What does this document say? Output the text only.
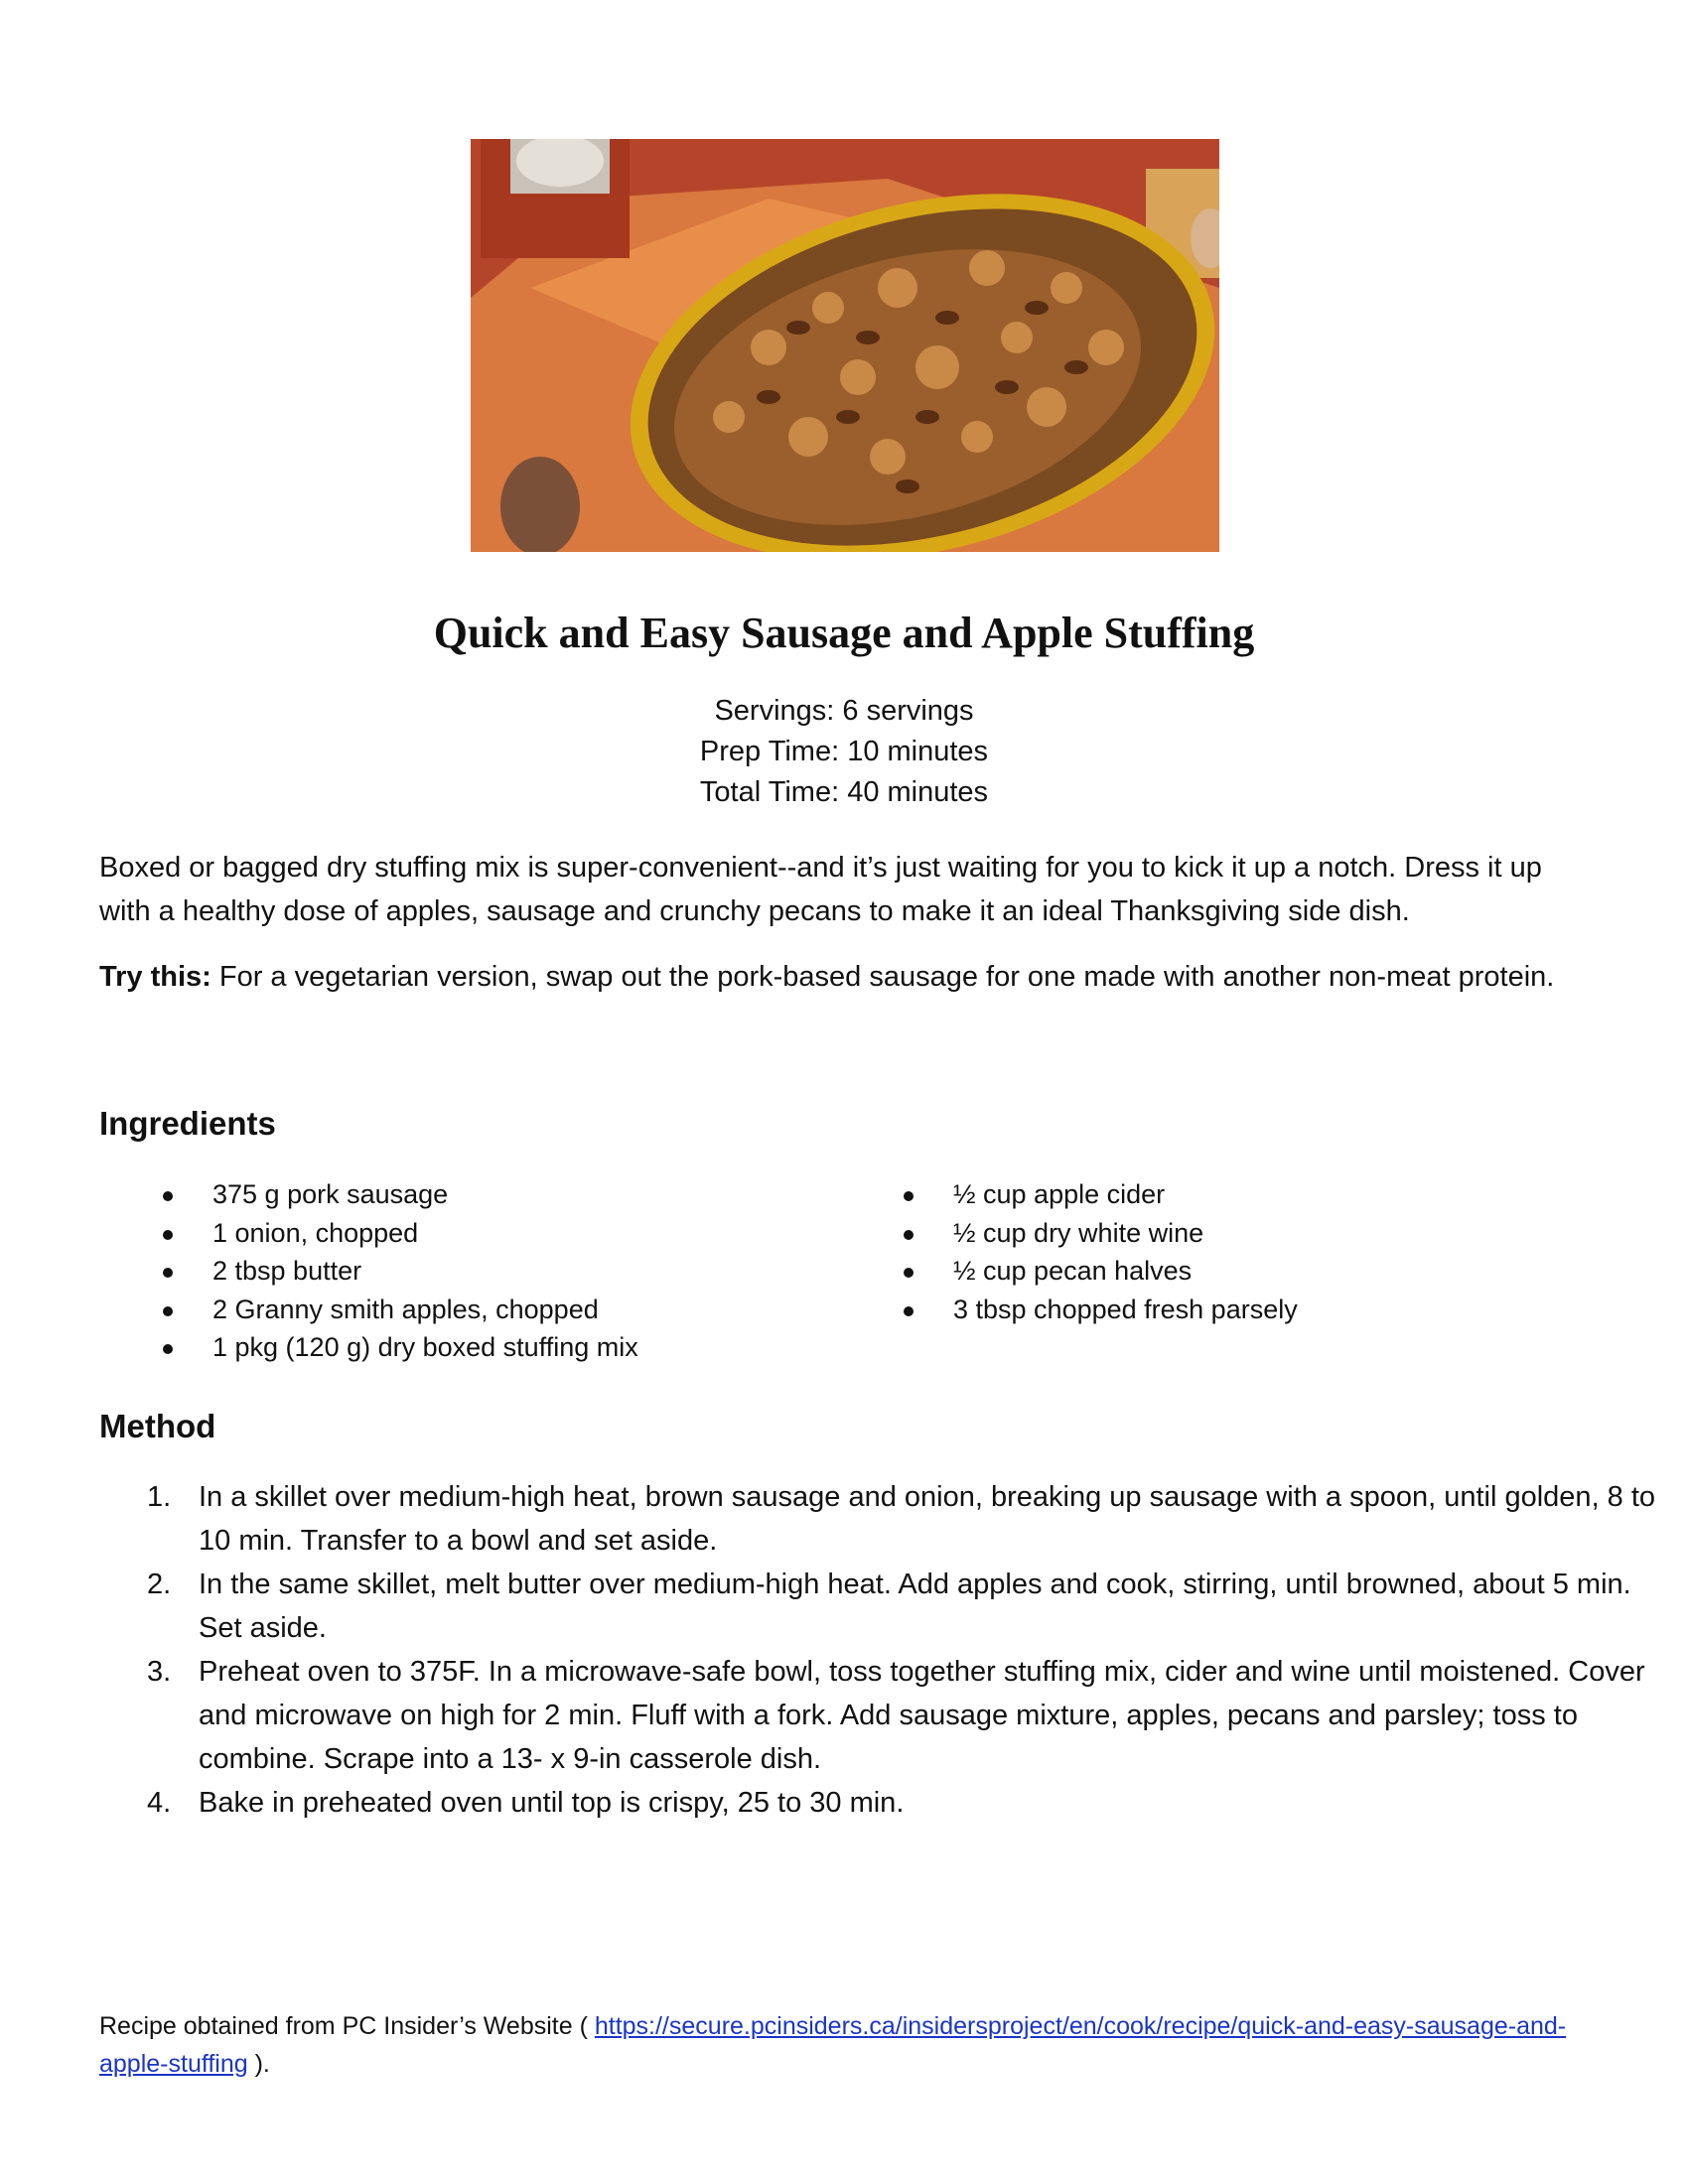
Quick and Easy Sausage and Apple Stuffing
Servings: 6 servings
Prep Time: 10 minutes
Total Time: 40 minutes
Boxed or bagged dry stuffing mix is super-convenient--and it’s just waiting for you to kick it up a notch. Dress it up with a healthy dose of apples, sausage and crunchy pecans to make it an ideal Thanksgiving side dish.
Try this: For a vegetarian version, swap out the pork-based sausage for one made with another non-meat protein.
Ingredients
375 g pork sausage
1 onion, chopped
2 tbsp butter
2 Granny smith apples, chopped
1 pkg (120 g) dry boxed stuffing mix
½ cup apple cider
½ cup dry white wine
½ cup pecan halves
3 tbsp chopped fresh parsely
Method
1. In a skillet over medium-high heat, brown sausage and onion, breaking up sausage with a spoon, until golden, 8 to 10 min. Transfer to a bowl and set aside.
2. In the same skillet, melt butter over medium-high heat. Add apples and cook, stirring, until browned, about 5 min. Set aside.
3. Preheat oven to 375F. In a microwave-safe bowl, toss together stuffing mix, cider and wine until moistened. Cover and microwave on high for 2 min. Fluff with a fork. Add sausage mixture, apples, pecans and parsley; toss to combine. Scrape into a 13- x 9-in casserole dish.
4. Bake in preheated oven until top is crispy, 25 to 30 min.
Recipe obtained from PC Insider’s Website ( https://secure.pcinsiders.ca/insidersproject/en/cook/recipe/quick-and-easy-sausage-and-apple-stuffing ).
